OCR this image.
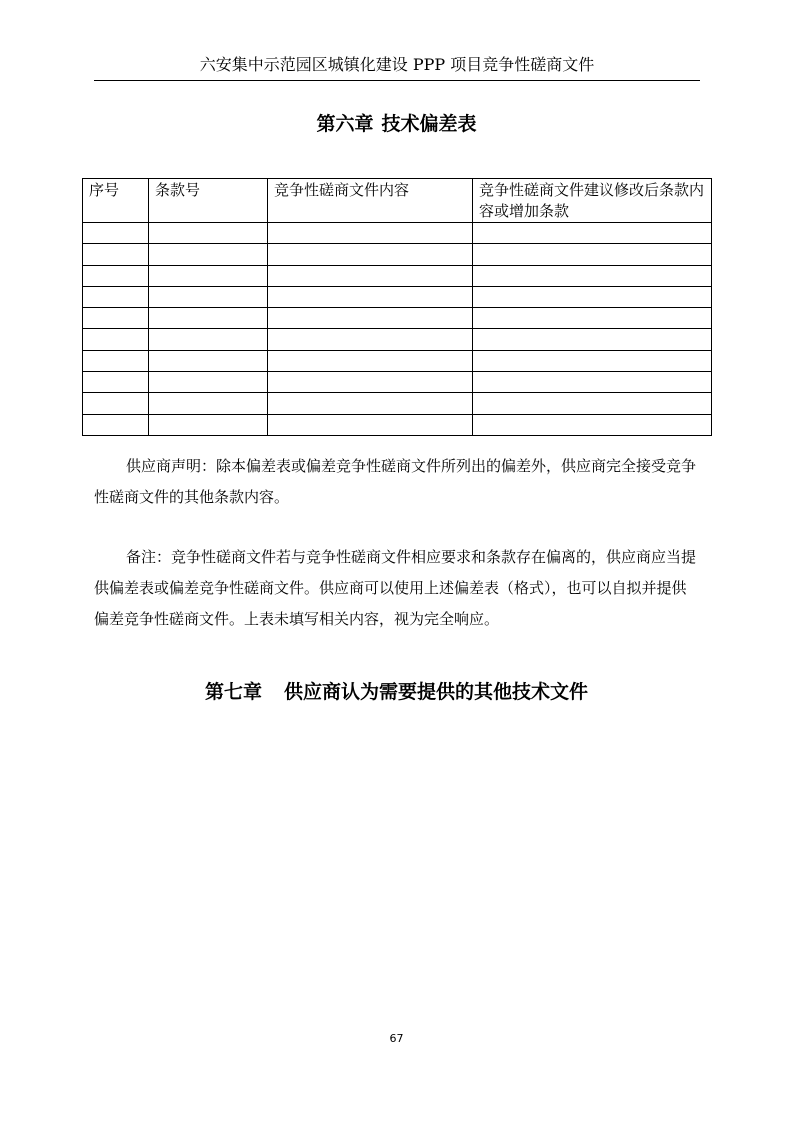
六安集中示范园区城镇化建设 PPP 项目竞争性磋商文件
第六章 技术偏差表
序号	条款号	竞争性磋商文件内容	竞争性磋商文件建议修改后条款内容或增加条款

供应商声明：除本偏差表或偏差竞争性磋商文件所列出的偏差外，供应商完全接受竞争性磋商文件的其他条款内容。

备注：竞争性磋商文件若与竞争性磋商文件相应要求和条款存在偏离的，供应商应当提供偏差表或偏差竞争性磋商文件。供应商可以使用上述偏差表（格式），也可以自拟并提供偏差竞争性磋商文件。上表未填写相关内容，视为完全响应。

第七章 供应商认为需要提供的其他技术文件
67
